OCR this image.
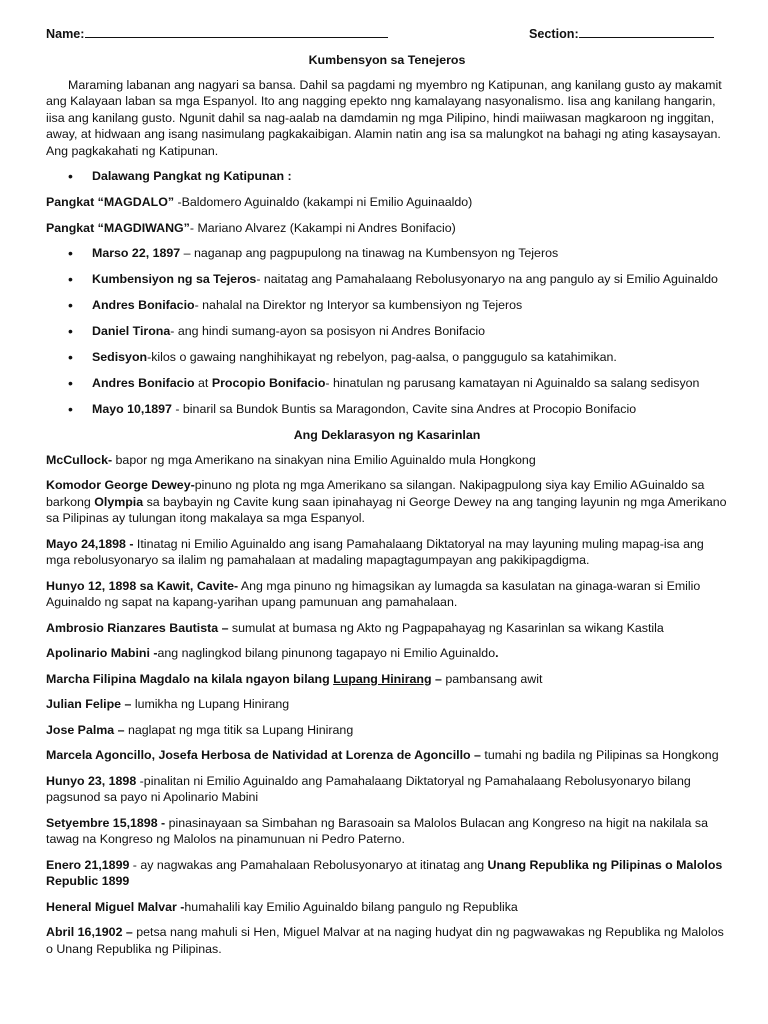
Name:	Section:
Kumbensyon sa Tenejeros

Maraming labanan ang nagyari sa bansa. Dahil sa pagdami ng myembro ng Katipunan, ang kanilang gusto ay makamit ang Kalayaan laban sa mga Espanyol. Ito ang nagging epekto nng kamalayang nasyonalismo. Iisa ang kanilang hangarin, iisa ang kanilang gusto. Ngunit dahil sa nag-aalab na damdamin ng mga Pilipino, hindi maiiwasan magkaroon ng inggitan, away, at hidwaan ang isang nasimulang pagkakaibigan. Alamin natin ang isa sa malungkot na bahagi ng ating kasaysayan. Ang pagkakahati ng Katipunan.

• Dalawang Pangkat ng Katipunan :

Pangkat “MAGDALO” -Baldomero Aguinaldo (kakampi ni Emilio Aguinaaldo)

Pangkat “MAGDIWANG”- Mariano Alvarez (Kakampi ni Andres Bonifacio)

• Marso 22, 1897 – naganap ang pagpupulong na tinawag na Kumbensyon ng Tejeros
• Kumbensiyon ng sa Tejeros- naitatag ang Pamahalaang Rebolusyonaryo na ang pangulo ay si Emilio Aguinaldo
• Andres Bonifacio- nahalal na Direktor ng Interyor sa kumbensiyon ng Tejeros
• Daniel Tirona- ang hindi sumang-ayon sa posisyon ni Andres Bonifacio
• Sedisyon-kilos o gawaing nanghihikayat ng rebelyon, pag-aalsa, o panggugulo sa katahimikan.
• Andres Bonifacio at Procopio Bonifacio- hinatulan ng parusang kamatayan ni Aguinaldo sa salang sedisyon
• Mayo 10,1897 - binaril sa Bundok Buntis sa Maragondon, Cavite sina Andres at Procopio Bonifacio
Ang Deklarasyon ng Kasarinlan

McCullock- bapor ng mga Amerikano na sinakyan nina Emilio Aguinaldo mula Hongkong

Komodor George Dewey-pinuno ng plota ng mga Amerikano sa silangan. Nakipagpulong siya kay Emilio AGuinaldo sa barkong Olympia sa baybayin ng Cavite kung saan ipinahayag ni George Dewey na ang tanging layunin ng mga Amerikano sa Pilipinas ay tulungan itong makalaya sa mga Espanyol.

Mayo 24,1898 - Itinatag ni Emilio Aguinaldo ang isang Pamahalaang Diktatoryal na may layuning muling mapag-isa ang mga rebolusyonaryo sa ilalim ng pamahalaan at madaling mapagtagumpayan ang pakikipagdigma.

Hunyo 12, 1898 sa Kawit, Cavite- Ang mga pinuno ng himagsikan ay lumagda sa kasulatan na ginaga-waran si Emilio Aguinaldo ng sapat na kapang-yarihan upang pamunuan ang pamahalaan.

Ambrosio Rianzares Bautista – sumulat at bumasa ng Akto ng Pagpapahayag ng Kasarinlan sa wikang Kastila

Apolinario Mabini -ang naglingkod bilang pinunong tagapayo ni Emilio Aguinaldo.

Marcha Filipina Magdalo na kilala ngayon bilang Lupang Hinirang – pambansang awit

Julian Felipe – lumikha ng Lupang Hinirang

Jose Palma – naglapat ng mga titik sa Lupang Hinirang

Marcela Agoncillo, Josefa Herbosa de Natividad at Lorenza de Agoncillo – tumahi ng badila ng Pilipinas sa Hongkong

Hunyo 23, 1898 -pinalitan ni Emilio Aguinaldo ang Pamahalaang Diktatoryal ng Pamahalaang Rebolusyonaryo bilang pagsunod sa payo ni Apolinario Mabini

Setyembre 15,1898 - pinasinayaan sa Simbahan ng Barasoain sa Malolos Bulacan ang Kongreso na higit na nakilala sa tawag na Kongreso ng Malolos na pinamunuan ni Pedro Paterno.

Enero 21,1899 - ay nagwakas ang Pamahalaan Rebolusyonaryo at itinatag ang Unang Republika ng Pilipinas o Malolos Republic 1899

Heneral Miguel Malvar -humahalili kay Emilio Aguinaldo bilang pangulo ng Republika

Abril 16,1902 – petsa nang mahuli si Hen, Miguel Malvar at na naging hudyat din ng pagwawakas ng Republika ng Malolos o Unang Republika ng Pilipinas.
